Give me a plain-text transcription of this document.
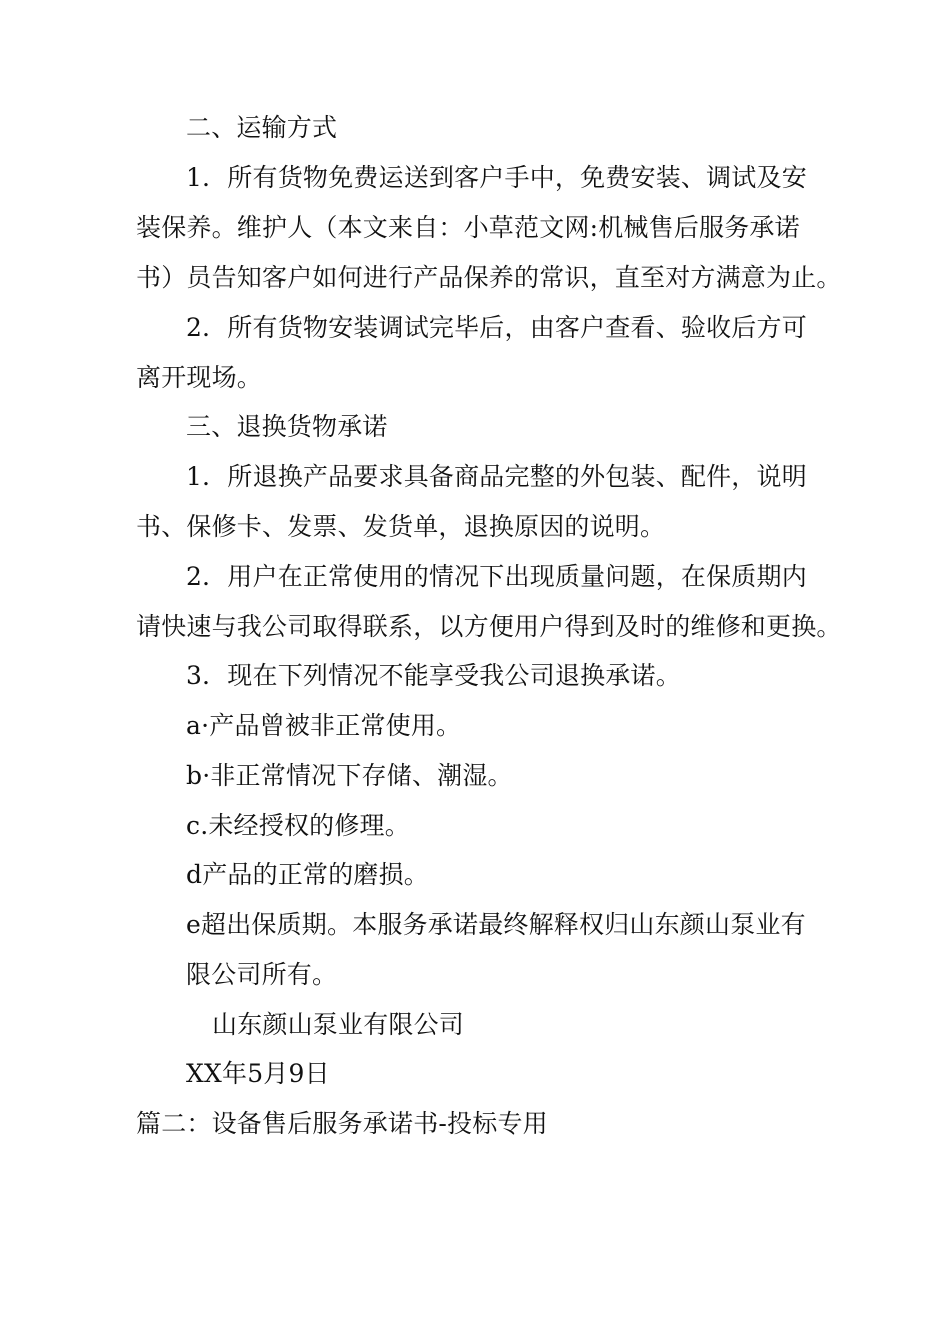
二、运输方式
1．所有货物免费运送到客户手中，免费安装、调试及安
装保养。维护人（本文来自：小草范文网:机械售后服务承诺
书）员告知客户如何进行产品保养的常识，直至对方满意为止。
2．所有货物安装调试完毕后，由客户查看、验收后方可
离开现场。
三、退换货物承诺
1．所退换产品要求具备商品完整的外包装、配件，说明
书、保修卡、发票、发货单，退换原因的说明。
2．用户在正常使用的情况下出现质量问题，在保质期内
请快速与我公司取得联系，以方便用户得到及时的维修和更换。
3．现在下列情况不能享受我公司退换承诺。
a·产品曾被非正常使用。
b·非正常情况下存储、潮湿。
c.未经授权的修理。
d产品的正常的磨损。
e超出保质期。本服务承诺最终解释权归山东颜山泵业有
限公司所有。
山东颜山泵业有限公司
XX年5月9日
篇二：设备售后服务承诺书-投标专用
